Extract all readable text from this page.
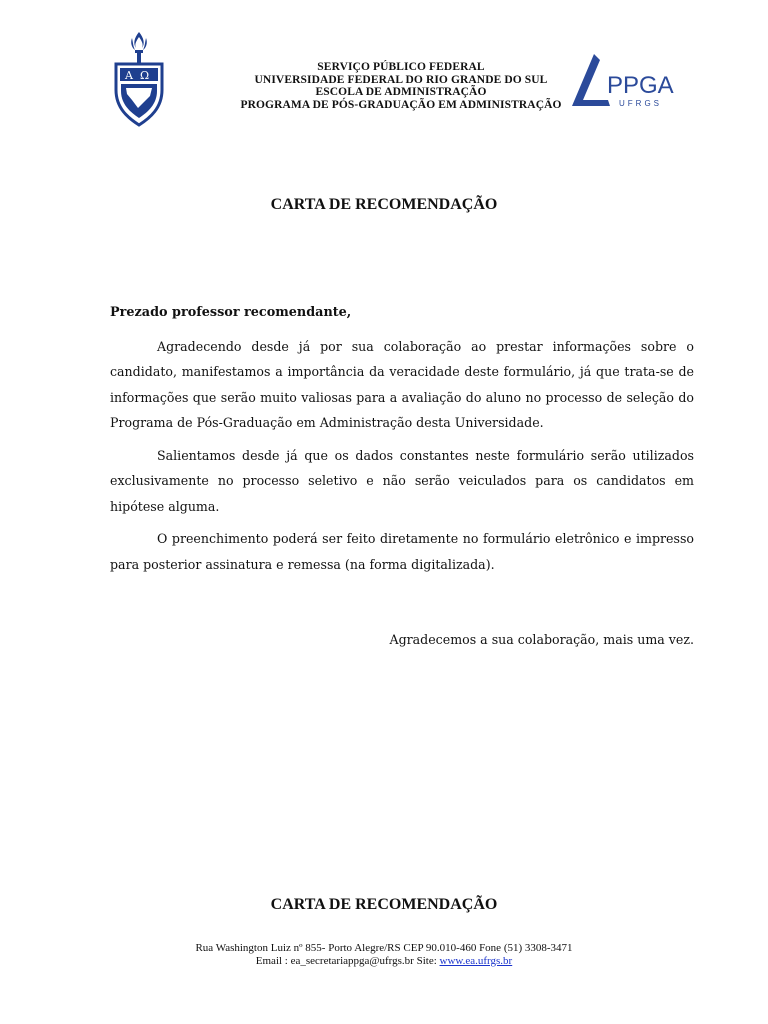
A Ω
SERVIÇO PÚBLICO FEDERAL
UNIVERSIDADE FEDERAL DO RIO GRANDE DO SUL
ESCOLA DE ADMINISTRAÇÃO
PROGRAMA DE PÓS-GRADUAÇÃO EM ADMINISTRAÇÃO
PPGA
UFRGS
CARTA DE RECOMENDAÇÃO

Prezado professor recomendante,

Agradecendo desde já por sua colaboração ao prestar informações sobre o candidato, manifestamos a importância da veracidade deste formulário, já que trata-se de informações que serão muito valiosas para a avaliação do aluno no processo de seleção do Programa de Pós-Graduação em Administração desta Universidade.

Salientamos desde já que os dados constantes neste formulário serão utilizados exclusivamente no processo seletivo e não serão veiculados para os candidatos em hipótese alguma.

O preenchimento poderá ser feito diretamente no formulário eletrônico e impresso para posterior assinatura e remessa (na forma digitalizada).

Agradecemos a sua colaboração, mais uma vez.

CARTA DE RECOMENDAÇÃO
Rua Washington Luiz nº 855- Porto Alegre/RS CEP 90.010-460 Fone (51) 3308-3471
Email : ea_secretariappga@ufrgs.br Site: www.ea.ufrgs.br
